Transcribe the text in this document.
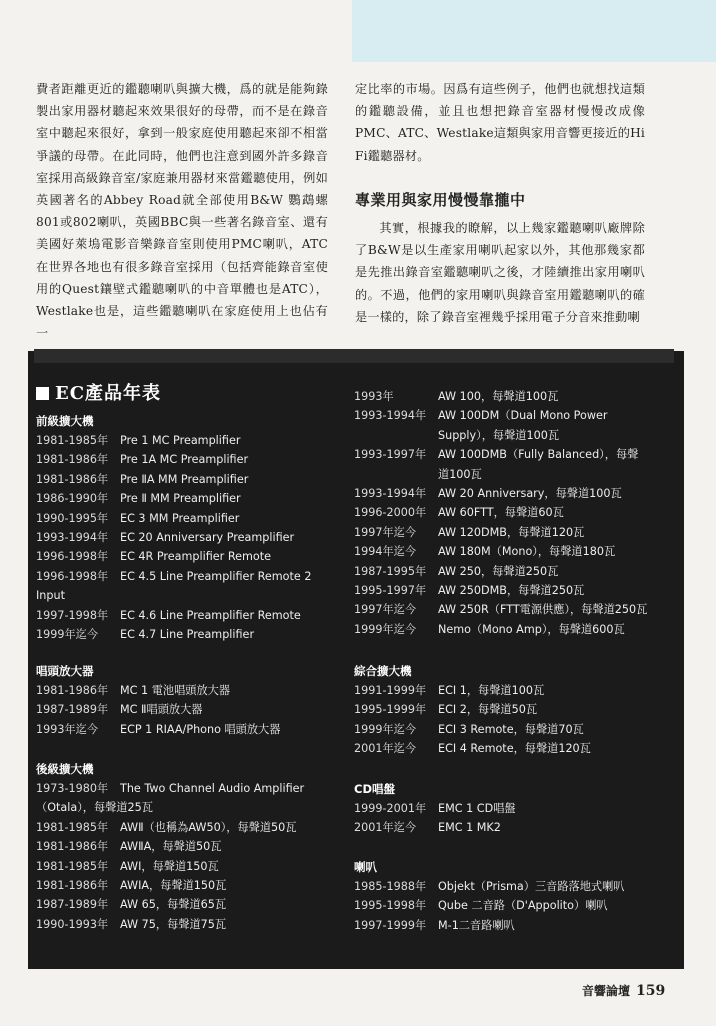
費者距離更近的鑑聽喇叭與擴大機，爲的就是能夠錄製出家用器材聽起來效果很好的母帶，而不是在錄音室中聽起來很好，拿到一般家庭使用聽起來卻不相當爭議的母帶。在此同時，他們也注意到國外許多錄音室採用高級錄音室/家庭兼用器材來當鑑聽使用，例如英國著名的Abbey Road就全部使用B&W 鸚鵡螺801或802喇叭，英國BBC與一些著名錄音室、還有美國好萊塢電影音樂錄音室則使用PMC喇叭，ATC在世界各地也有很多錄音室採用（包括齊能錄音室使用的Quest鑲壁式鑑聽喇叭的中音單體也是ATC），Westlake也是，這些鑑聽喇叭在家庭使用上也佔有一

定比率的市場。因爲有這些例子，他們也就想找這類的鑑聽設備，並且也想把錄音室器材慢慢改成像PMC、ATC、Westlake這類與家用音響更接近的Hi Fi鑑聽器材。

專業用與家用慢慢靠攏中

其實，根據我的瞭解，以上幾家鑑聽喇叭廠牌除了B&W是以生產家用喇叭起家以外，其他那幾家都是先推出錄音室鑑聽喇叭之後，才陸續推出家用喇叭的。不過，他們的家用喇叭與錄音室用鑑聽喇叭的確是一樣的，除了錄音室裡幾乎採用電子分音來推動喇

EC產品年表
前級擴大機
1981-1985年	Pre 1 MC Preamplifier
1981-1986年	Pre 1A MC Preamplifier
1981-1986年	Pre ⅡA MM Preamplifier
1986-1990年	Pre Ⅱ MM Preamplifier
1990-1995年	EC 3 MM Preamplifier
1993-1994年	EC 20 Anniversary Preamplifier
1996-1998年	EC 4R Preamplifier Remote
1996-1998年	EC 4.5 Line Preamplifier Remote 2
Input
1997-1998年	EC 4.6 Line Preamplifier Remote
1999年迄今	EC 4.7 Line Preamplifier
唱頭放大器
1981-1986年	MC 1 電池唱頭放大器
1987-1989年	MC Ⅱ唱頭放大器
1993年迄今	ECP 1 RIAA/Phono 唱頭放大器
後級擴大機
1973-1980年	The Two Channel Audio Amplifier
（Otala），每聲道25瓦
1981-1985年	AWⅡ（也稱為AW50），每聲道50瓦
1981-1986年	AWⅡA，每聲道50瓦
1981-1985年	AWⅠ，每聲道150瓦
1981-1986年	AWⅠA，每聲道150瓦
1987-1989年	AW 65，每聲道65瓦
1990-1993年	AW 75，每聲道75瓦
1993年	AW 100，每聲道100瓦
1993-1994年	AW 100DM（Dual Mono Power
Supply），每聲道100瓦
1993-1997年	AW 100DMB（Fully Balanced），每聲
道100瓦
1993-1994年	AW 20 Anniversary，每聲道100瓦
1996-2000年	AW 60FTT，每聲道60瓦
1997年迄今	AW 120DMB，每聲道120瓦
1994年迄今	AW 180M（Mono），每聲道180瓦
1987-1995年	AW 250，每聲道250瓦
1995-1997年	AW 250DMB，每聲道250瓦
1997年迄今	AW 250R（FTT電源供應），每聲道250瓦
1999年迄今	Nemo（Mono Amp），每聲道600瓦
綜合擴大機
1991-1999年	ECI 1，每聲道100瓦
1995-1999年	ECI 2，每聲道50瓦
1999年迄今	ECI 3 Remote，每聲道70瓦
2001年迄今	ECI 4 Remote，每聲道120瓦
CD唱盤
1999-2001年	EMC 1 CD唱盤
2001年迄今	EMC 1 MK2
喇叭
1985-1988年	Objekt（Prisma）三音路落地式喇叭
1995-1998年	Qube 二音路（D'Appolito）喇叭
1997-1999年	M-1二音路喇叭
音響論壇 159
